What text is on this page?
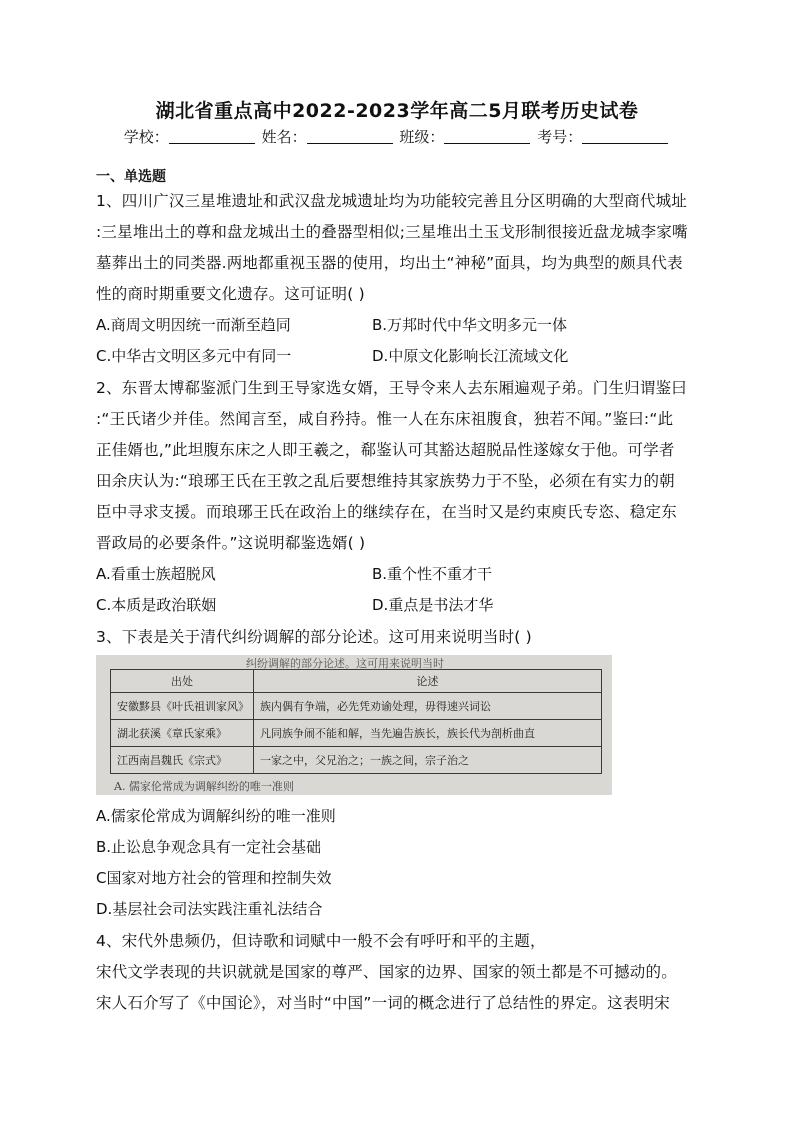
湖北省重点高中2022-2023学年高二5月联考历史试卷
学校：	姓名：	班级：	考号：
一、单选题
1、四川广汉三星堆遗址和武汉盘龙城遗址均为功能较完善且分区明确的大型商代城址
:三星堆出土的尊和盘龙城出土的叠器型相似;三星堆出土玉戈形制很接近盘龙城李家嘴
墓葬出土的同类器.两地都重视玉器的使用，均出土“神秘”面具，均为典型的颇具代表
性的商时期重要文化遗存。这可证明( )
A.商周文明因统一而渐至趋同	B.万邦时代中华文明多元一体
C.中华古文明区多元中有同一	D.中原文化影响长江流域文化
2、东晋太博郗鉴派门生到王导家选女婿，王导令来人去东厢遍观子弟。门生归谓鉴曰
:“王氏诸少并佳。然闻言至，咸自矜持。惟一人在东床祖腹食，独若不闻。”鉴曰:“此
正佳婿也,”此坦腹东床之人即王羲之，郗鉴认可其豁达超脱品性遂嫁女于他。可学者
田余庆认为:“琅琊王氏在王敦之乱后要想维持其家族势力于不坠，必须在有实力的朝
臣中寻求支援。而琅琊王氏在政治上的继续存在，在当时又是约束庾氏专恣、稳定东
晋政局的必要条件。”这说明郗鉴选婿( )
A.看重士族超脱风	B.重个性不重才干
C.本质是政治联姻	D.重点是书法才华
3、下表是关于清代纠纷调解的部分论述。这可用来说明当时( )
纠纷调解的部分论述。这可用来说明当时
出处	论述
安徽黟县《叶氏祖训家风》	族内偶有争端，必先凭劝谕处理，毋得速兴词讼
湖北获溪《章氏家乘》	凡同族争闹不能和解，当先遍告族长，族长代为剖析曲直
江西南昌魏氏《宗式》	一家之中，父兄治之；一族之间，宗子治之
A. 儒家伦常成为调解纠纷的唯一准则
A.儒家伦常成为调解纠纷的唯一准则
B.止讼息争观念具有一定社会基础
C国家对地方社会的管理和控制失效
D.基层社会司法实践注重礼法结合
4、宋代外患频仍，但诗歌和词赋中一般不会有呼吁和平的主题，
宋代文学表现的共识就就是国家的尊严、国家的边界、国家的领土都是不可撼动的。
宋人石介写了《中国论》，对当时“中国”一词的概念进行了总结性的界定。这表明宋
